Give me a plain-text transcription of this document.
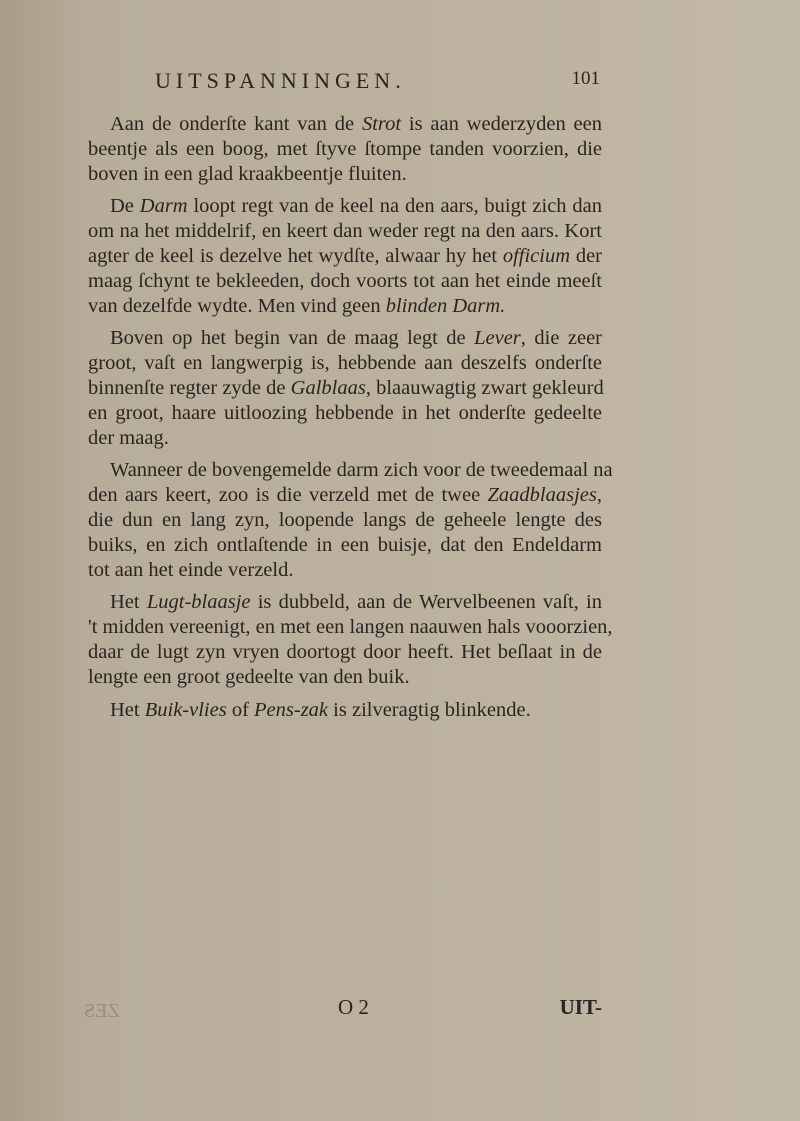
UITSPANNINGEN.	101
Aan de onderſte kant van de Strot is aan wederzyden een
beentje als een boog, met ſtyve ſtompe tanden voorzien, die
boven in een glad kraakbeentje fluiten.
De Darm loopt regt van de keel na den aars, buigt zich dan
om na het middelrif, en keert dan weder regt na den aars. Kort
agter de keel is dezelve het wydſte, alwaar hy het officium der
maag ſchynt te bekleeden, doch voorts tot aan het einde meeſt
van dezelfde wydte. Men vind geen blinden Darm.
Boven op het begin van de maag legt de Lever, die zeer
groot, vaſt en langwerpig is, hebbende aan deszelfs onderſte
binnenſte regter zyde de Galblaas, blaauwagtig zwart gekleurd
en groot, haare uitloozing hebbende in het onderſte gedeelte
der maag.
Wanneer de bovengemelde darm zich voor de tweedemaal na
den aars keert, zoo is die verzeld met de twee Zaadblaasjes,
die dun en lang zyn, loopende langs de geheele lengte des
buiks, en zich ontlaſtende in een buisje, dat den Endeldarm
tot aan het einde verzeld.
Het Lugt-blaasje is dubbeld, aan de Wervelbeenen vaſt, in
't midden vereenigt, en met een langen naauwen hals vooorzien,
daar de lugt zyn vryen doortogt door heeft. Het beſlaat in de
lengte een groot gedeelte van den buik.
Het Buik-vlies of Pens-zak is zilveragtig blinkende.
ZES	O 2	UIT-
